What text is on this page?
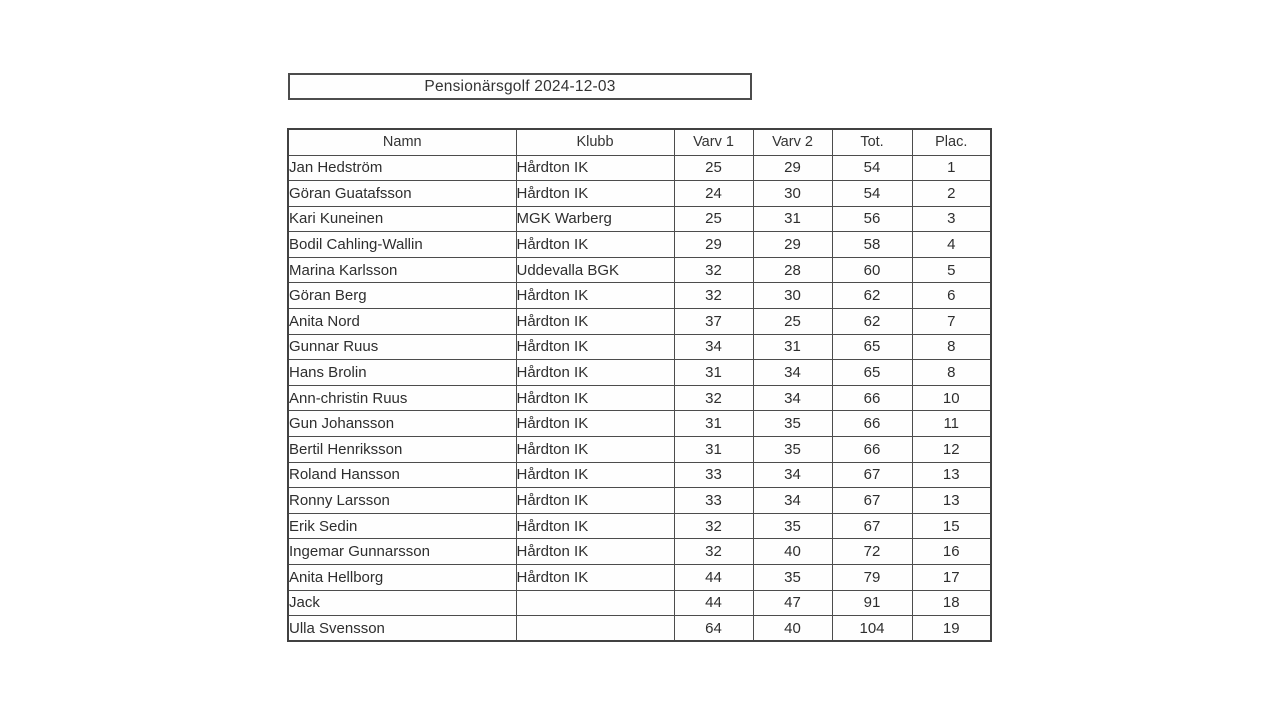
Pensionärsgolf 2024-12-03
Namn	Klubb	Varv 1	Varv 2	Tot.	Plac.
Jan Hedström	Hårdton IK	25	29	54	1
Göran Guatafsson	Hårdton IK	24	30	54	2
Kari Kuneinen	MGK Warberg	25	31	56	3
Bodil Cahling-Wallin	Hårdton IK	29	29	58	4
Marina Karlsson	Uddevalla BGK	32	28	60	5
Göran Berg	Hårdton IK	32	30	62	6
Anita Nord	Hårdton IK	37	25	62	7
Gunnar Ruus	Hårdton IK	34	31	65	8
Hans Brolin	Hårdton IK	31	34	65	8
Ann-christin Ruus	Hårdton IK	32	34	66	10
Gun Johansson	Hårdton IK	31	35	66	11
Bertil Henriksson	Hårdton IK	31	35	66	12
Roland Hansson	Hårdton IK	33	34	67	13
Ronny Larsson	Hårdton IK	33	34	67	13
Erik Sedin	Hårdton IK	32	35	67	15
Ingemar Gunnarsson	Hårdton IK	32	40	72	16
Anita Hellborg	Hårdton IK	44	35	79	17
Jack		44	47	91	18
Ulla Svensson		64	40	104	19
